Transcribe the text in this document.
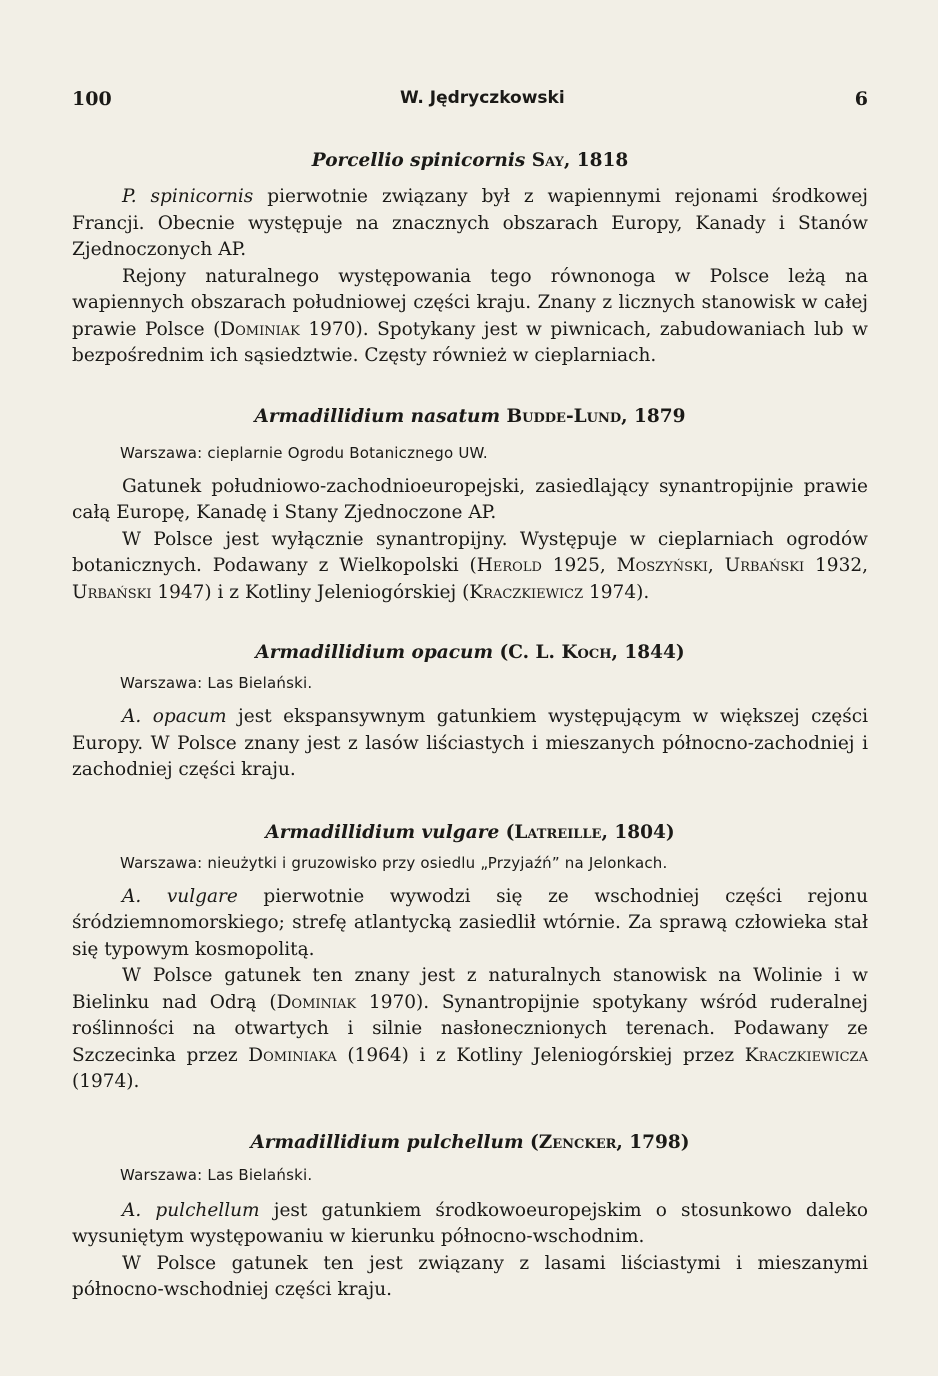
100	W. Jędryczkowski	6
Porcellio spinicornis Say, 1818

P. spinicornis pierwotnie związany był z wapiennymi rejonami środkowej Francji. Obecnie występuje na znacznych obszarach Europy, Kanady i Stanów Zjednoczonych AP.

Rejony naturalnego występowania tego równonoga w Polsce leżą na wapiennych obszarach południowej części kraju. Znany z licznych stanowisk w całej prawie Polsce (Dominiak 1970). Spotykany jest w piwnicach, zabudowaniach lub w bezpośrednim ich sąsiedztwie. Częsty również w cieplarniach.

Armadillidium nasatum Budde-Lund, 1879
Warszawa: cieplarnie Ogrodu Botanicznego UW.

Gatunek południowo-zachodnioeuropejski, zasiedlający synantropijnie prawie całą Europę, Kanadę i Stany Zjednoczone AP.

W Polsce jest wyłącznie synantropijny. Występuje w cieplarniach ogrodów botanicznych. Podawany z Wielkopolski (Herold 1925, Moszyński, Urbański 1932, Urbański 1947) i z Kotliny Jeleniogórskiej (Kraczkiewicz 1974).

Armadillidium opacum (C. L. Koch, 1844)
Warszawa: Las Bielański.

A. opacum jest ekspansywnym gatunkiem występującym w większej części Europy. W Polsce znany jest z lasów liściastych i mieszanych północno-zachodniej i zachodniej części kraju.

Armadillidium vulgare (Latreille, 1804)
Warszawa: nieużytki i gruzowisko przy osiedlu „Przyjaźń” na Jelonkach.

A. vulgare pierwotnie wywodzi się ze wschodniej części rejonu śródziemnomorskiego; strefę atlantycką zasiedlił wtórnie. Za sprawą człowieka stał się typowym kosmopolitą.

W Polsce gatunek ten znany jest z naturalnych stanowisk na Wolinie i w Bielinku nad Odrą (Dominiak 1970). Synantropijnie spotykany wśród ruderalnej roślinności na otwartych i silnie nasłonecznionych terenach. Podawany ze Szczecinka przez Dominiaka (1964) i z Kotliny Jeleniogórskiej przez Kraczkiewicza (1974).

Armadillidium pulchellum (Zencker, 1798)
Warszawa: Las Bielański.

A. pulchellum jest gatunkiem środkowoeuropejskim o stosunkowo daleko wysuniętym występowaniu w kierunku północno-wschodnim.

W Polsce gatunek ten jest związany z lasami liściastymi i mieszanymi północno-wschodniej części kraju.
